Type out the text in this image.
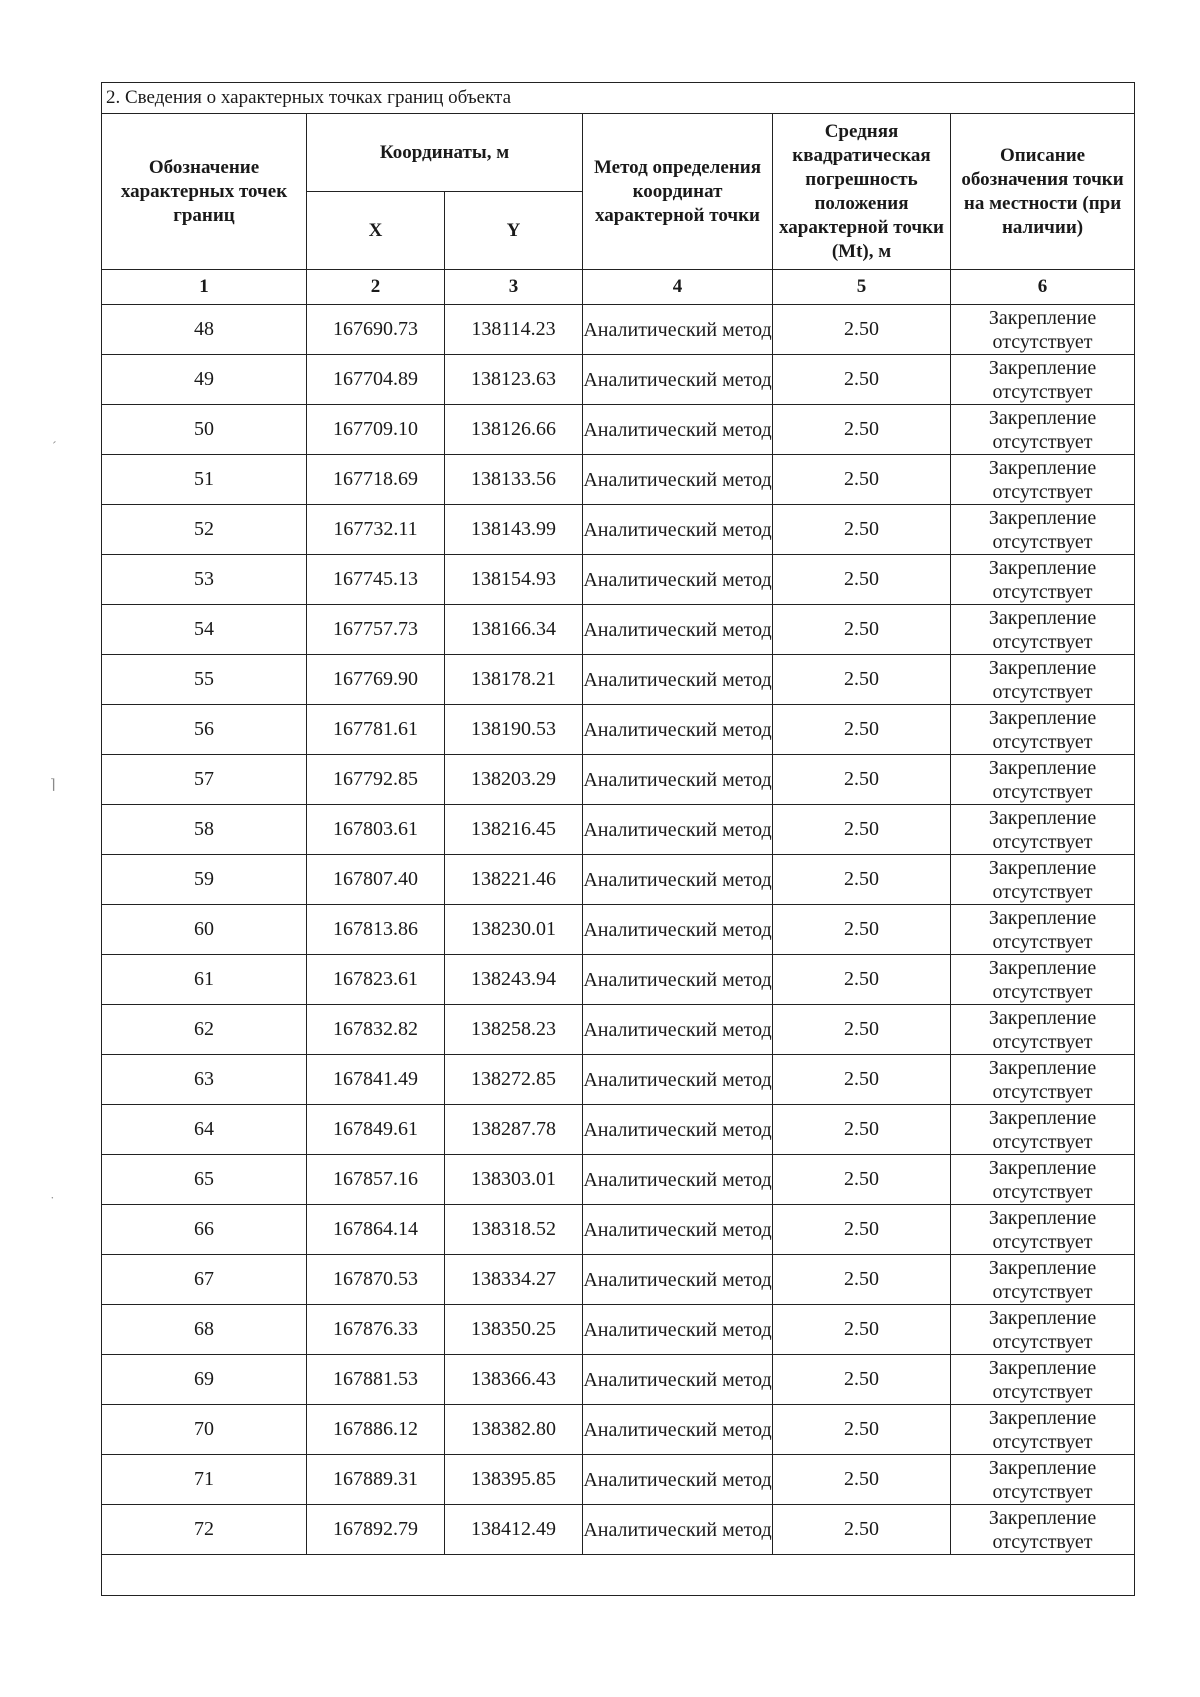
2. Сведения о характерных точках границ объекта					
Обозначение характерных точек границ	Координаты, м		Метод определения координат характерной точки	Средняя квадратическая погрешность положения характерной точки (Mt), м	Описание обозначения точки на местности (при наличии)
	X	Y			
1	2	3	4	5	6
48	167690.73	138114.23	Аналитический метод	2.50	Закрепление отсутствует
49	167704.89	138123.63	Аналитический метод	2.50	Закрепление отсутствует
50	167709.10	138126.66	Аналитический метод	2.50	Закрепление отсутствует
51	167718.69	138133.56	Аналитический метод	2.50	Закрепление отсутствует
52	167732.11	138143.99	Аналитический метод	2.50	Закрепление отсутствует
53	167745.13	138154.93	Аналитический метод	2.50	Закрепление отсутствует
54	167757.73	138166.34	Аналитический метод	2.50	Закрепление отсутствует
55	167769.90	138178.21	Аналитический метод	2.50	Закрепление отсутствует
56	167781.61	138190.53	Аналитический метод	2.50	Закрепление отсутствует
57	167792.85	138203.29	Аналитический метод	2.50	Закрепление отсутствует
58	167803.61	138216.45	Аналитический метод	2.50	Закрепление отсутствует
59	167807.40	138221.46	Аналитический метод	2.50	Закрепление отсутствует
60	167813.86	138230.01	Аналитический метод	2.50	Закрепление отсутствует
61	167823.61	138243.94	Аналитический метод	2.50	Закрепление отсутствует
62	167832.82	138258.23	Аналитический метод	2.50	Закрепление отсутствует
63	167841.49	138272.85	Аналитический метод	2.50	Закрепление отсутствует
64	167849.61	138287.78	Аналитический метод	2.50	Закрепление отсутствует
65	167857.16	138303.01	Аналитический метод	2.50	Закрепление отсутствует
66	167864.14	138318.52	Аналитический метод	2.50	Закрепление отсутствует
67	167870.53	138334.27	Аналитический метод	2.50	Закрепление отсутствует
68	167876.33	138350.25	Аналитический метод	2.50	Закрепление отсутствует
69	167881.53	138366.43	Аналитический метод	2.50	Закрепление отсутствует
70	167886.12	138382.80	Аналитический метод	2.50	Закрепление отсутствует
71	167889.31	138395.85	Аналитический метод	2.50	Закрепление отсутствует
72	167892.79	138412.49	Аналитический метод	2.50	Закрепление отсутствует

ˊ
⌉
˙
